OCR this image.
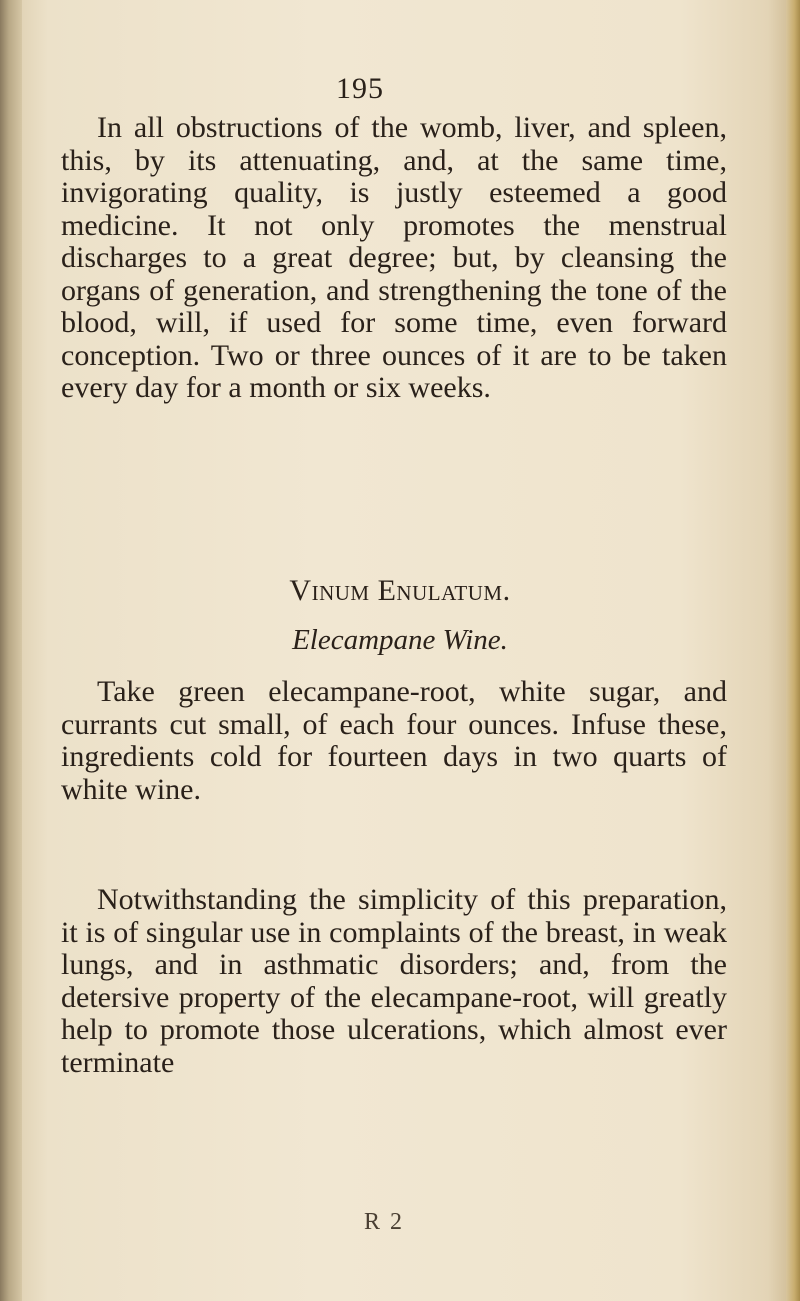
195
In all obstructions of the womb, liver, and spleen, this, by its attenuating, and, at the same time, invigorating quality, is justly esteemed a good medicine. It not only promotes the menstrual discharges to a great degree; but, by cleansing the organs of generation, and strengthening the tone of the blood, will, if used for some time, even forward conception. Two or three ounces of it are to be taken every day for a month or six weeks.
Vinum Enulatum.
Elecampane Wine.
Take green elecampane-root, white sugar, and currants cut small, of each four ounces. Infuse these, ingredients cold for fourteen days in two quarts of white wine.
Notwithstanding the simplicity of this preparation, it is of singular use in complaints of the breast, in weak lungs, and in asthmatic disorders; and, from the detersive property of the elecampane-root, will greatly help to promote those ulcerations, which almost ever terminate
R 2
